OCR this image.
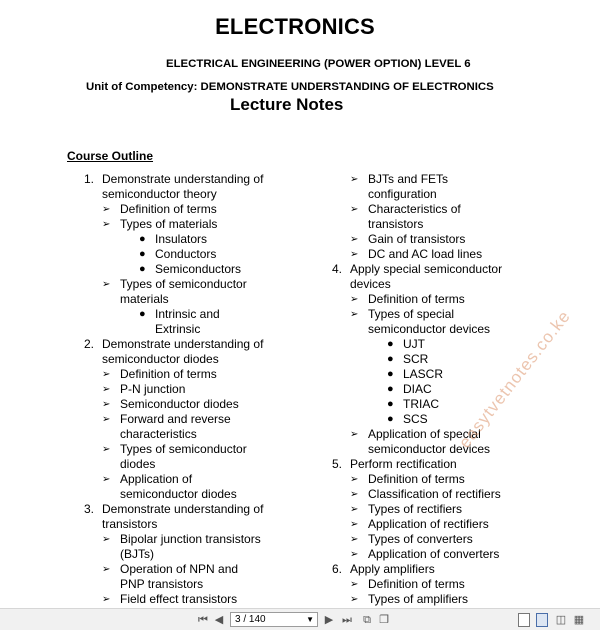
ELECTRONICS
ELECTRICAL ENGINEERING (POWER OPTION) LEVEL 6
Unit of Competency: DEMONSTRATE UNDERSTANDING OF ELECTRONICS
Lecture Notes
Course Outline
1. Demonstrate understanding of
semiconductor theory
➢ Definition of terms
➢ Types of materials
● Insulators
● Conductors
● Semiconductors
➢ Types of semiconductor
materials
● Intrinsic and
Extrinsic
2. Demonstrate understanding of
semiconductor diodes
➢ Definition of terms
➢ P-N junction
➢ Semiconductor diodes
➢ Forward and reverse
characteristics
➢ Types of semiconductor
diodes
➢ Application of
semiconductor diodes
3. Demonstrate understanding of
transistors
➢ Bipolar junction transistors
(BJTs)
➢ Operation of NPN and
PNP transistors
➢ Field effect transistors
➢ BJTs and FETs
configuration
➢ Characteristics of
transistors
➢ Gain of transistors
➢ DC and AC load lines
4. Apply special semiconductor
devices
➢ Definition of terms
➢ Types of special
semiconductor devices
● UJT
● SCR
● LASCR
● DIAC
● TRIAC
● SCS
➢ Application of special
semiconductor devices
5. Perform rectification
➢ Definition of terms
➢ Classification of rectifiers
➢ Types of rectifiers
➢ Application of rectifiers
➢ Types of converters
➢ Application of converters
6. Apply amplifiers
➢ Definition of terms
➢ Types of amplifiers
easytvetnotes.co.ke
⏮ ◀	3 / 140	▼ ▶ ⏭ ⧉ ❐	◫ ▦
